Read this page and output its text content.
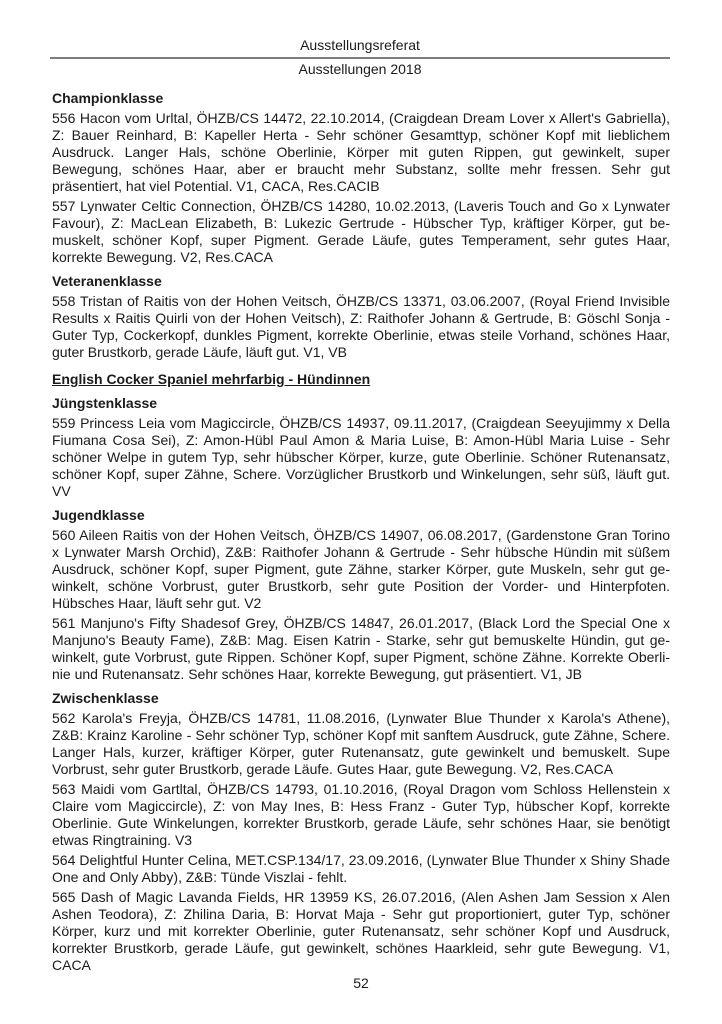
Ausstellungsreferat
Ausstellungen 2018
Championklasse
556 Hacon vom Urltal, ÖHZB/CS 14472, 22.10.2014, (Craigdean Dream Lover x Allert's Gabriella), Z: Bauer Reinhard, B: Kapeller Herta - Sehr schöner Gesamttyp, schöner Kopf mit lieblichem Ausdruck. Langer Hals, schöne Oberlinie, Körper mit guten Rippen, gut gewinkelt, super Bewegung, schönes Haar, aber er braucht mehr Substanz, sollte mehr fressen. Sehr gut präsentiert, hat viel Potential. V1, CACA, Res.CACIB
557 Lynwater Celtic Connection, ÖHZB/CS 14280, 10.02.2013, (Laveris Touch and Go x Lynwater Favour), Z: MacLean Elizabeth, B: Lukezic Gertrude - Hübscher Typ, kräftiger Körper, gut bemuskelt, schöner Kopf, super Pigment. Gerade Läufe, gutes Temperament, sehr gutes Haar, korrekte Bewegung. V2, Res.CACA
Veteranenklasse
558 Tristan of Raitis von der Hohen Veitsch, ÖHZB/CS 13371, 03.06.2007, (Royal Friend Invisible Results x Raitis Quirli von der Hohen Veitsch), Z: Raithofer Johann & Gertrude, B: Göschl Sonja - Guter Typ, Cockerkopf, dunkles Pigment, korrekte Oberlinie, etwas steile Vorhand, schönes Haar, guter Brustkorb, gerade Läufe, läuft gut. V1, VB
English Cocker Spaniel mehrfarbig - Hündinnen
Jüngstenklasse
559 Princess Leia vom Magiccircle, ÖHZB/CS 14937, 09.11.2017, (Craigdean Seeyujimmy x Della Fiumana Cosa Sei), Z: Amon-Hübl Paul Amon & Maria Luise, B: Amon-Hübl Maria Luise - Sehr schöner Welpe in gutem Typ, sehr hübscher Körper, kurze, gute Oberlinie. Schöner Rutenansatz, schöner Kopf, super Zähne, Schere. Vorzüglicher Brustkorb und Winkelungen, sehr süß, läuft gut. VV
Jugendklasse
560 Aileen Raitis von der Hohen Veitsch, ÖHZB/CS 14907, 06.08.2017, (Gardenstone Gran Torino x Lynwater Marsh Orchid), Z&B: Raithofer Johann & Gertrude - Sehr hübsche Hündin mit süßem Ausdruck, schöner Kopf, super Pigment, gute Zähne, starker Körper, gute Muskeln, sehr gut gewinkelt, schöne Vorbrust, guter Brustkorb, sehr gute Position der Vorder- und Hinterpfoten. Hübsches Haar, läuft sehr gut. V2
561 Manjuno's Fifty Shadesof Grey, ÖHZB/CS 14847, 26.01.2017, (Black Lord the Special One x Manjuno's Beauty Fame), Z&B: Mag. Eisen Katrin - Starke, sehr gut bemuskelte Hündin, gut gewinkelt, gute Vorbrust, gute Rippen. Schöner Kopf, super Pigment, schöne Zähne. Korrekte Oberlinie und Rutenansatz. Sehr schönes Haar, korrekte Bewegung, gut präsentiert. V1, JB
Zwischenklasse
562 Karola's Freyja, ÖHZB/CS 14781, 11.08.2016, (Lynwater Blue Thunder x Karola's Athene), Z&B: Krainz Karoline - Sehr schöner Typ, schöner Kopf mit sanftem Ausdruck, gute Zähne, Schere. Langer Hals, kurzer, kräftiger Körper, guter Rutenansatz, gute gewinkelt und bemuskelt. Supe Vorbrust, sehr guter Brustkorb, gerade Läufe. Gutes Haar, gute Bewegung. V2, Res.CACA
563 Maidi vom Gartltal, ÖHZB/CS 14793, 01.10.2016, (Royal Dragon vom Schloss Hellenstein x Claire vom Magiccircle), Z: von May Ines, B: Hess Franz - Guter Typ, hübscher Kopf, korrekte Oberlinie. Gute Winkelungen, korrekter Brustkorb, gerade Läufe, sehr schönes Haar, sie benötigt etwas Ringtraining. V3
564 Delightful Hunter Celina, MET.CSP.134/17, 23.09.2016, (Lynwater Blue Thunder x Shiny Shade One and Only Abby), Z&B: Tünde Viszlai - fehlt.
565 Dash of Magic Lavanda Fields, HR 13959 KS, 26.07.2016, (Alen Ashen Jam Session x Alen Ashen Teodora), Z: Zhilina Daria, B: Horvat Maja - Sehr gut proportioniert, guter Typ, schöner Körper, kurz und mit korrekter Oberlinie, guter Rutenansatz, sehr schöner Kopf und Ausdruck, korrekter Brustkorb, gerade Läufe, gut gewinkelt, schönes Haarkleid, sehr gute Bewegung. V1, CACA
52
